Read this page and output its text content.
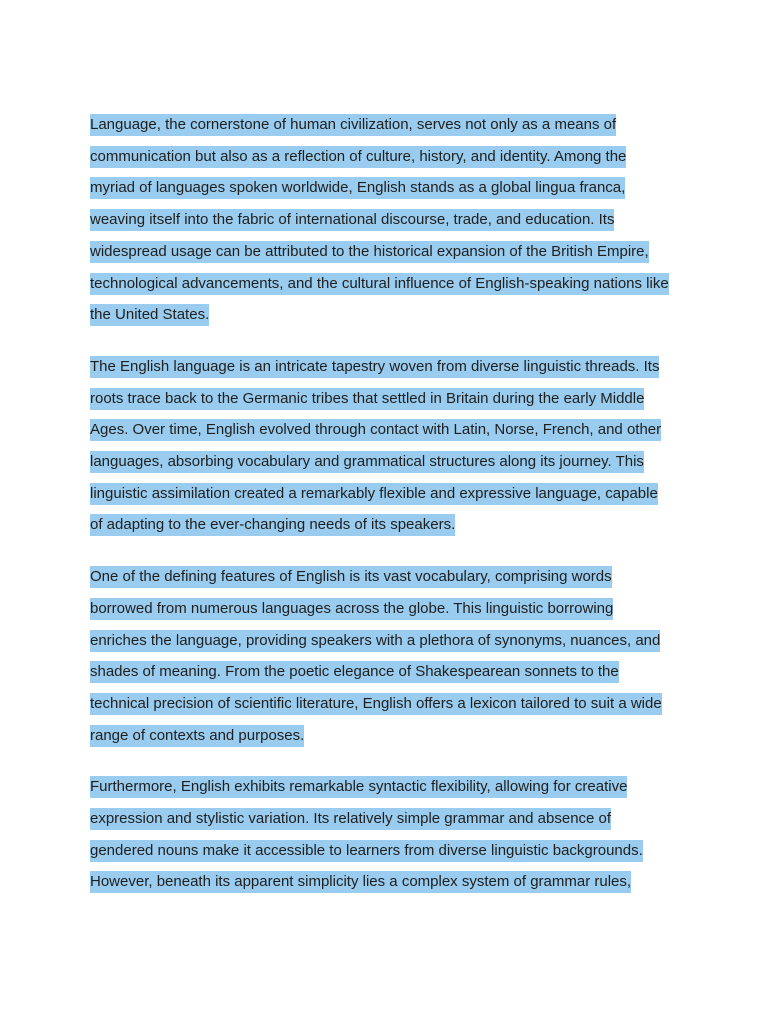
Language, the cornerstone of human civilization, serves not only as a means of
communication but also as a reflection of culture, history, and identity. Among the
myriad of languages spoken worldwide, English stands as a global lingua franca,
weaving itself into the fabric of international discourse, trade, and education. Its
widespread usage can be attributed to the historical expansion of the British Empire,
technological advancements, and the cultural influence of English-speaking nations like
the United States.

The English language is an intricate tapestry woven from diverse linguistic threads. Its
roots trace back to the Germanic tribes that settled in Britain during the early Middle
Ages. Over time, English evolved through contact with Latin, Norse, French, and other
languages, absorbing vocabulary and grammatical structures along its journey. This
linguistic assimilation created a remarkably flexible and expressive language, capable
of adapting to the ever-changing needs of its speakers.

One of the defining features of English is its vast vocabulary, comprising words
borrowed from numerous languages across the globe. This linguistic borrowing
enriches the language, providing speakers with a plethora of synonyms, nuances, and
shades of meaning. From the poetic elegance of Shakespearean sonnets to the
technical precision of scientific literature, English offers a lexicon tailored to suit a wide
range of contexts and purposes.

Furthermore, English exhibits remarkable syntactic flexibility, allowing for creative
expression and stylistic variation. Its relatively simple grammar and absence of
gendered nouns make it accessible to learners from diverse linguistic backgrounds.
However, beneath its apparent simplicity lies a complex system of grammar rules,
